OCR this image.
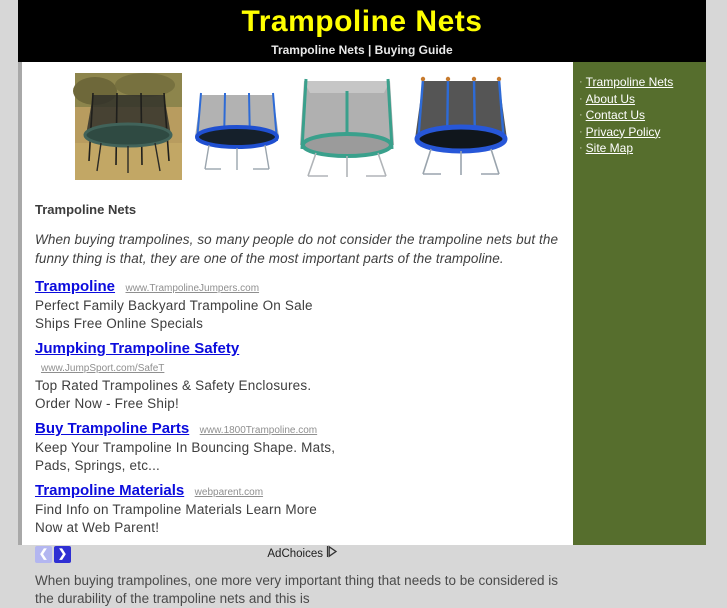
Trampoline Nets
Trampoline Nets | Buying Guide
Trampoline Nets

When buying trampolines, so many people do not consider the trampoline nets but the funny thing is that, they are one of the most important parts of the trampoline.

Trampoline www.TrampolineJumpers.com
Perfect Family Backyard Trampoline On Sale Ships Free Online Specials
Jumpking Trampoline Safety www.JumpSport.com/SafeT
Top Rated Trampolines & Safety Enclosures. Order Now - Free Ship!
Buy Trampoline Parts www.1800Trampoline.com
Keep Your Trampoline In Bouncing Shape. Mats, Pads, Springs, etc...
Trampoline Materials webparent.com
Find Info on Trampoline Materials Learn More Now at Web Parent!
❮ ❯	AdChoices

When buying trampolines, one more very important thing that needs to be considered is the durability of the trampoline nets and this is

· Trampoline Nets
· About Us
· Contact Us
· Privacy Policy
· Site Map
